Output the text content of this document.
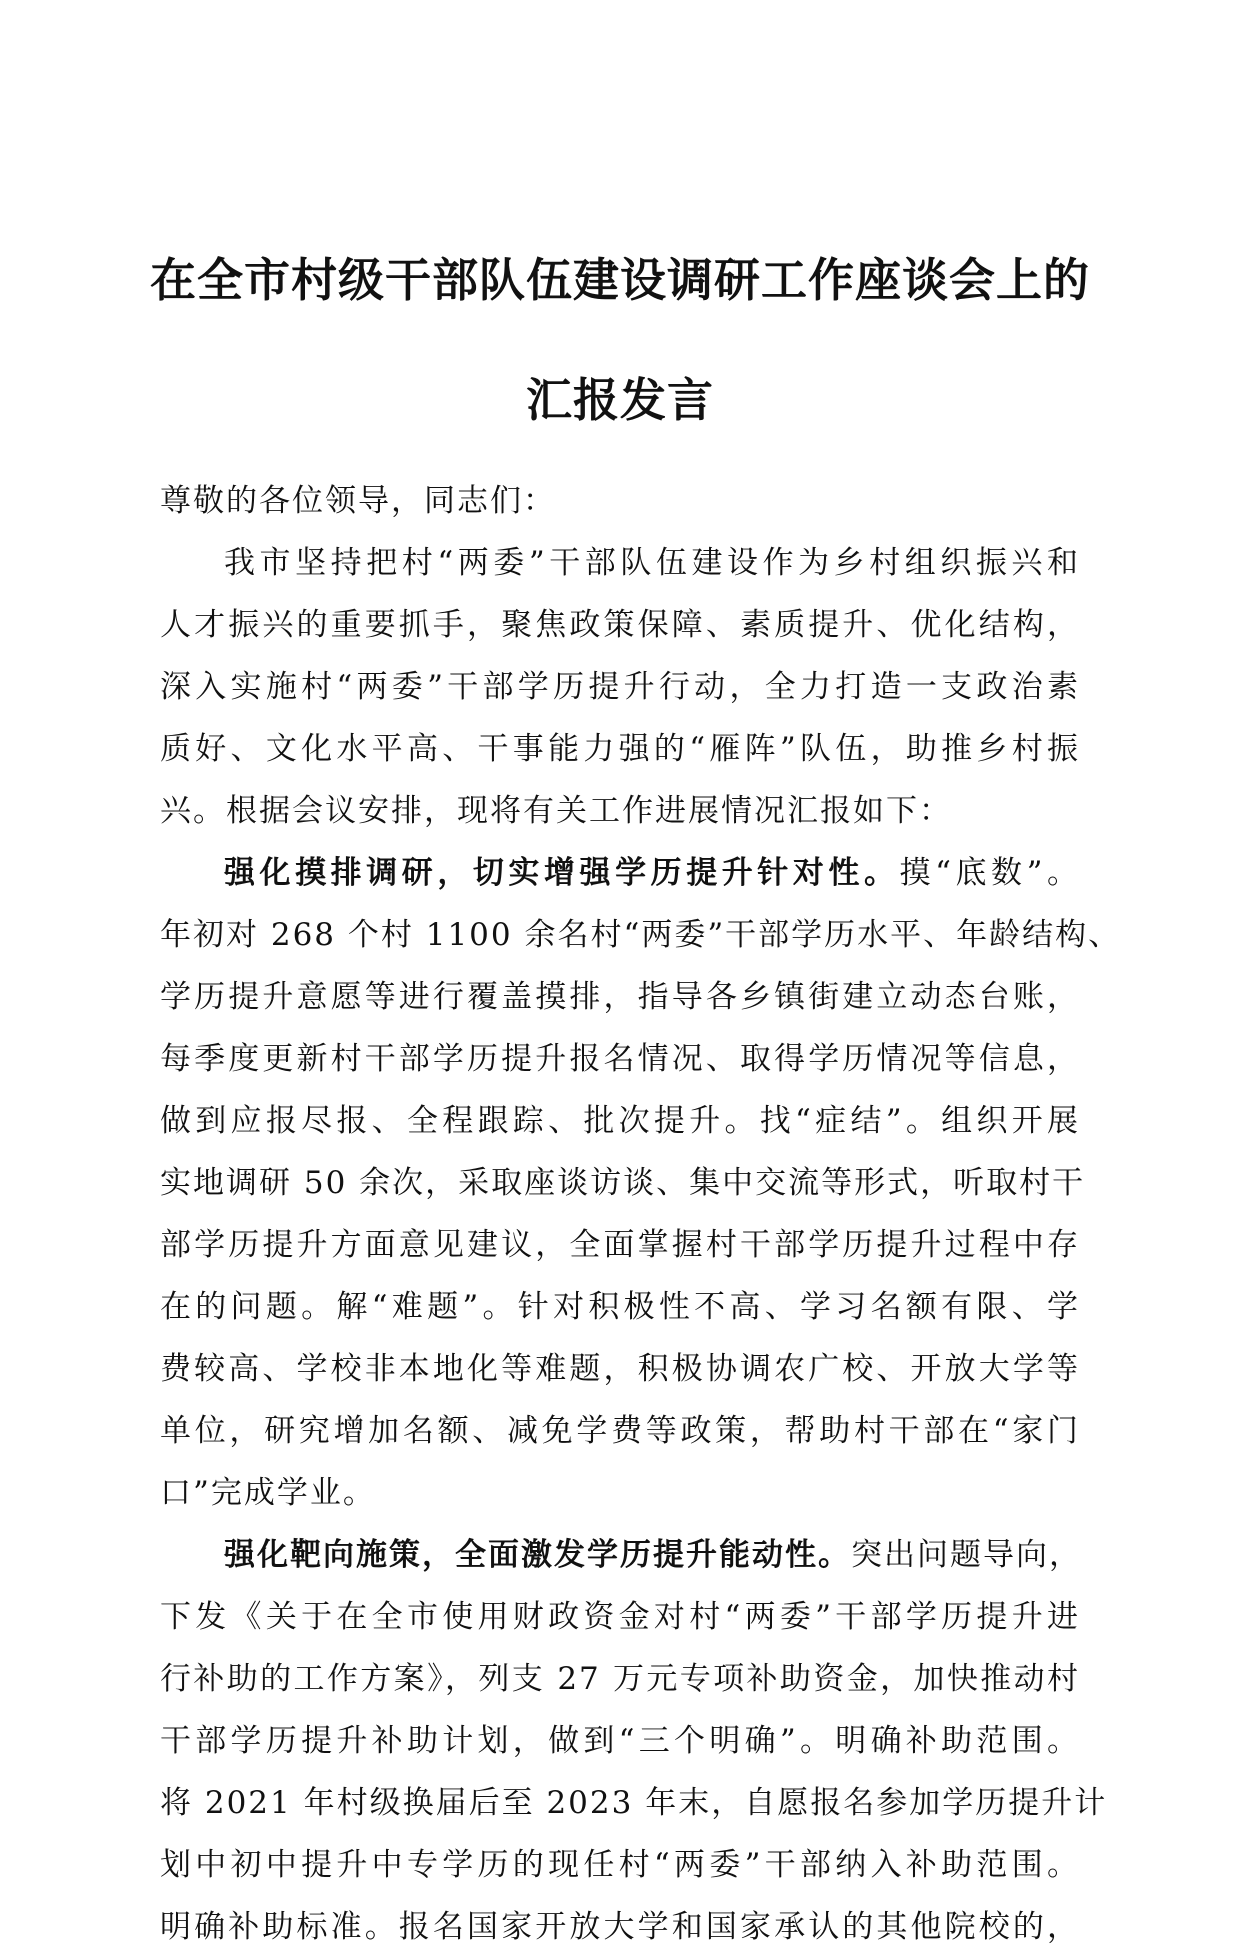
在全市村级干部队伍建设调研工作座谈会上的
汇报发言
尊敬的各位领导，同志们：
我市坚持把村“两委”干部队伍建设作为乡村组织振兴和
人才振兴的重要抓手，聚焦政策保障、素质提升、优化结构，
深入实施村“两委”干部学历提升行动，全力打造一支政治素
质好、文化水平高、干事能力强的“雁阵”队伍，助推乡村振
兴。根据会议安排，现将有关工作进展情况汇报如下：
强化摸排调研，切实增强学历提升针对性。摸“底数”。
年初对 268 个村 1100 余名村“两委”干部学历水平、年龄结构、
学历提升意愿等进行覆盖摸排，指导各乡镇街建立动态台账，
每季度更新村干部学历提升报名情况、取得学历情况等信息，
做到应报尽报、全程跟踪、批次提升。找“症结”。组织开展
实地调研 50 余次，采取座谈访谈、集中交流等形式，听取村干
部学历提升方面意见建议，全面掌握村干部学历提升过程中存
在的问题。解“难题”。针对积极性不高、学习名额有限、学
费较高、学校非本地化等难题，积极协调农广校、开放大学等
单位，研究增加名额、减免学费等政策，帮助村干部在“家门
口”完成学业。
强化靶向施策，全面激发学历提升能动性。突出问题导向，
下发《关于在全市使用财政资金对村“两委”干部学历提升进
行补助的工作方案》，列支 27 万元专项补助资金，加快推动村
干部学历提升补助计划，做到“三个明确”。明确补助范围。
将 2021 年村级换届后至 2023 年末，自愿报名参加学历提升计
划中初中提升中专学历的现任村“两委”干部纳入补助范围。
明确补助标准。报名国家开放大学和国家承认的其他院校的，
